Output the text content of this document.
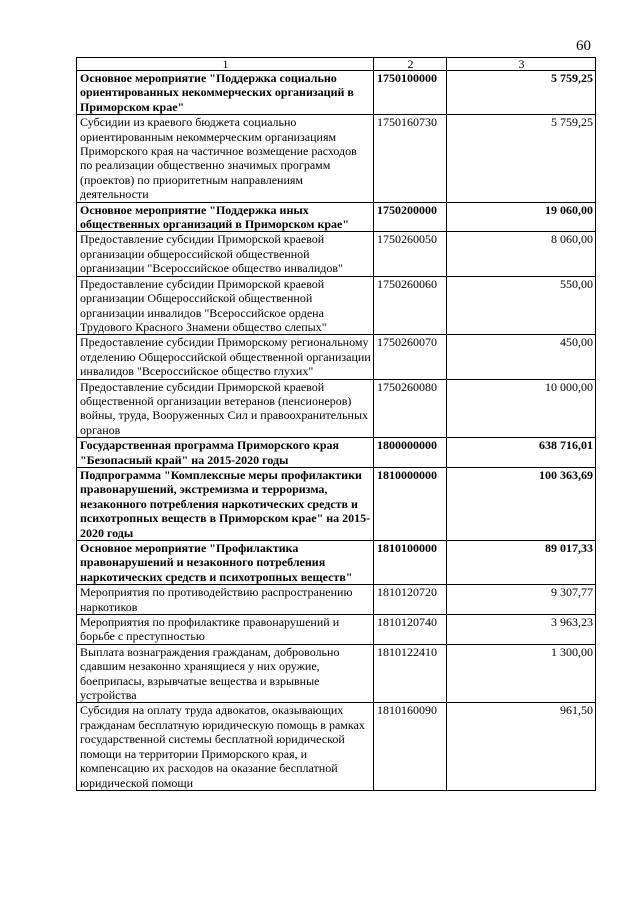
60
1	2	3
Основное мероприятие "Поддержка социально ориентированных некоммерческих организаций в Приморском крае"	1750100000	5 759,25
Субсидии из краевого бюджета социально ориентированным некоммерческим организациям Приморского края на частичное возмещение расходов по реализации общественно значимых программ (проектов) по приоритетным направлениям деятельности	1750160730	5 759,25
Основное мероприятие "Поддержка иных общественных организаций в Приморском крае"	1750200000	19 060,00
Предоставление субсидии Приморской краевой организации общероссийской общественной организации "Всероссийское общество инвалидов"	1750260050	8 060,00
Предоставление субсидии Приморской краевой организации Общероссийской общественной организации инвалидов "Всероссийское ордена Трудового Красного Знамени общество слепых"	1750260060	550,00
Предоставление субсидии Приморскому региональному отделению Общероссийской общественной организации инвалидов "Всероссийское общество глухих"	1750260070	450,00
Предоставление субсидии Приморской краевой общественной организации ветеранов (пенсионеров) войны, труда, Вооруженных Сил и правоохранительных органов	1750260080	10 000,00
Государственная программа Приморского края "Безопасный край" на 2015-2020 годы	1800000000	638 716,01
Подпрограмма "Комплексные меры профилактики правонарушений, экстремизма и терроризма, незаконного потребления наркотических средств и психотропных веществ в Приморском крае" на 2015-2020 годы	1810000000	100 363,69
Основное мероприятие "Профилактика правонарушений и незаконного потребления наркотических средств и психотропных веществ"	1810100000	89 017,33
Мероприятия по противодействию распространению наркотиков	1810120720	9 307,77
Мероприятия по профилактике правонарушений и борьбе с преступностью	1810120740	3 963,23
Выплата вознаграждения гражданам, добровольно сдавшим незаконно хранящиеся у них оружие, боеприпасы, взрывчатые вещества и взрывные устройства	1810122410	1 300,00
Субсидия на оплату труда адвокатов, оказывающих гражданам бесплатную юридическую помощь в рамках государственной системы бесплатной юридической помощи на территории Приморского края, и компенсацию их расходов на оказание бесплатной юридической помощи	1810160090	961,50
